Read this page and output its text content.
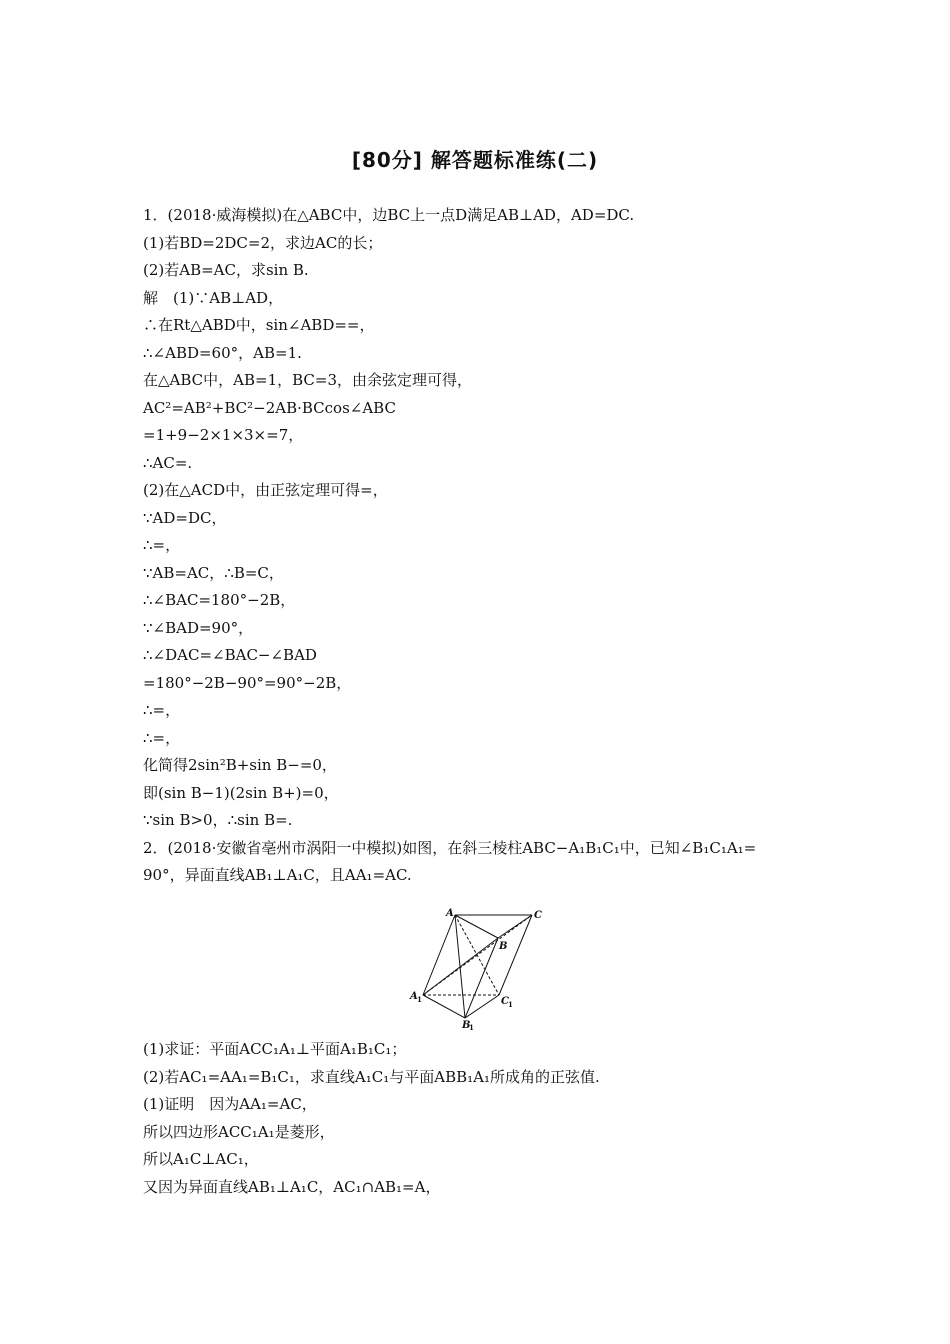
[80分] 解答题标准练(二)
1．(2018·威海模拟)在△ABC中，边BC上一点D满足AB⊥AD，AD=DC.
(1)若BD=2DC=2，求边AC的长；
(2)若AB=AC，求sin B.
解　(1)∵AB⊥AD，
∴在Rt△ABD中，sin∠ABD==，
∴∠ABD=60°，AB=1.
在△ABC中，AB=1，BC=3，由余弦定理可得，
AC²=AB²+BC²−2AB·BCcos∠ABC
=1+9−2×1×3×=7，
∴AC=.
(2)在△ACD中，由正弦定理可得=，
∵AD=DC，
∴=，
∵AB=AC，∴B=C，
∴∠BAC=180°−2B，
∵∠BAD=90°，
∴∠DAC=∠BAC−∠BAD
=180°−2B−90°=90°−2B，
∴=，
∴=，
化简得2sin²B+sin B−=0，
即(sin B−1)(2sin B+)=0，
∵sin B>0，∴sin B=.
2．(2018·安徽省亳州市涡阳一中模拟)如图，在斜三棱柱ABC−A₁B₁C₁中，已知∠B₁C₁A₁=
90°，异面直线AB₁⊥A₁C，且AA₁=AC.
A	C
B
A 1	C 1
B
1
(1)求证：平面ACC₁A₁⊥平面A₁B₁C₁；
(2)若AC₁=AA₁=B₁C₁，求直线A₁C₁与平面ABB₁A₁所成角的正弦值.
(1)证明　因为AA₁=AC，
所以四边形ACC₁A₁是菱形，
所以A₁C⊥AC₁，
又因为异面直线AB₁⊥A₁C，AC₁∩AB₁=A，
